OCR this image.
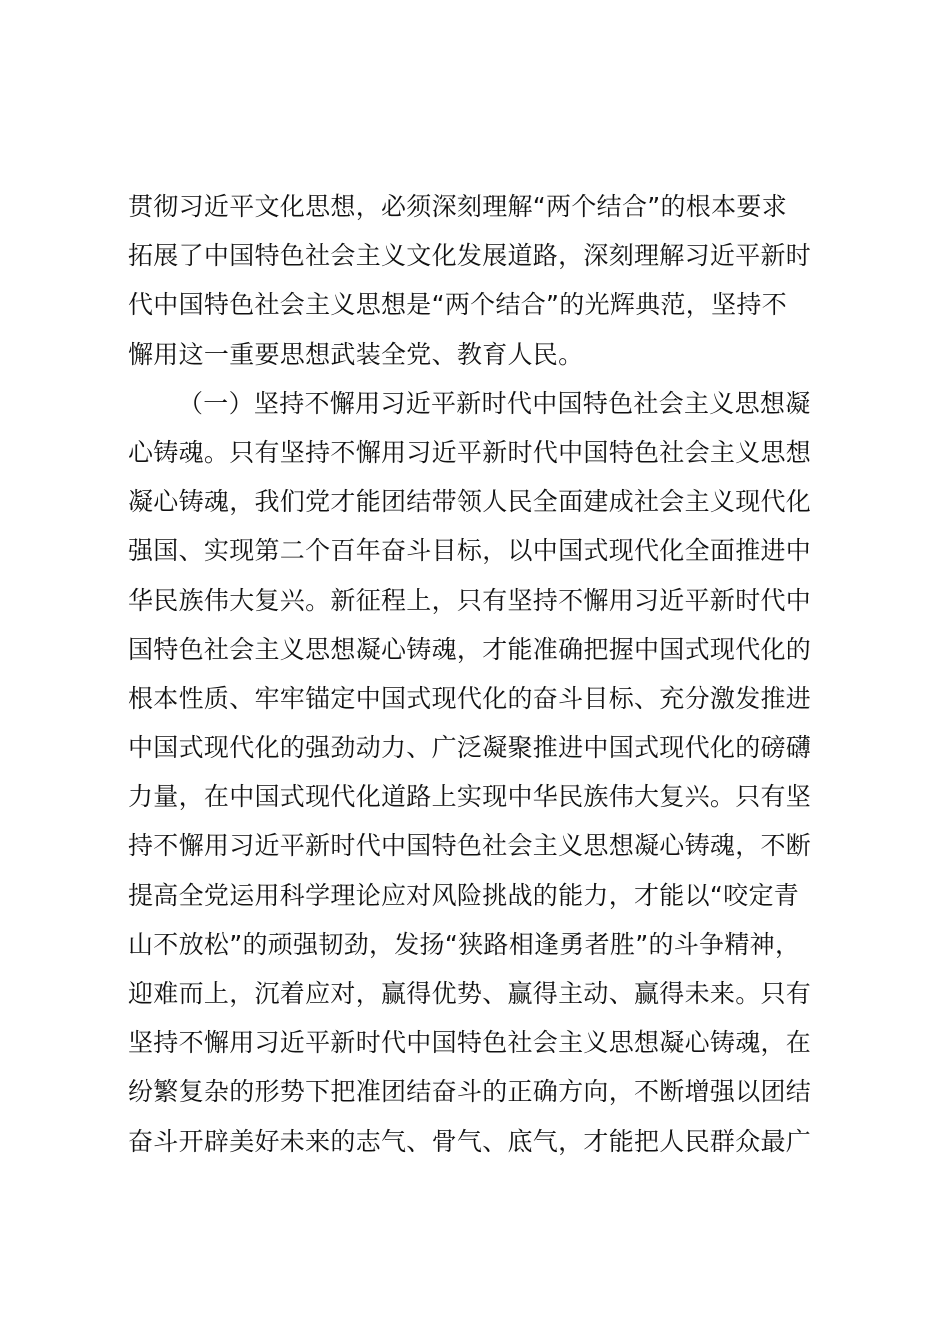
贯彻习近平文化思想，必须深刻理解“两个结合”的根本要求
拓展了中国特色社会主义文化发展道路，深刻理解习近平新时
代中国特色社会主义思想是“两个结合”的光辉典范，坚持不
懈用这一重要思想武装全党、教育人民。
（一）坚持不懈用习近平新时代中国特色社会主义思想凝
心铸魂。只有坚持不懈用习近平新时代中国特色社会主义思想
凝心铸魂，我们党才能团结带领人民全面建成社会主义现代化
强国、实现第二个百年奋斗目标，以中国式现代化全面推进中
华民族伟大复兴。新征程上，只有坚持不懈用习近平新时代中
国特色社会主义思想凝心铸魂，才能准确把握中国式现代化的
根本性质、牢牢锚定中国式现代化的奋斗目标、充分激发推进
中国式现代化的强劲动力、广泛凝聚推进中国式现代化的磅礴
力量，在中国式现代化道路上实现中华民族伟大复兴。只有坚
持不懈用习近平新时代中国特色社会主义思想凝心铸魂，不断
提高全党运用科学理论应对风险挑战的能力，才能以“咬定青
山不放松”的顽强韧劲，发扬“狭路相逢勇者胜”的斗争精神，
迎难而上，沉着应对，赢得优势、赢得主动、赢得未来。只有
坚持不懈用习近平新时代中国特色社会主义思想凝心铸魂，在
纷繁复杂的形势下把准团结奋斗的正确方向，不断增强以团结
奋斗开辟美好未来的志气、骨气、底气，才能把人民群众最广
